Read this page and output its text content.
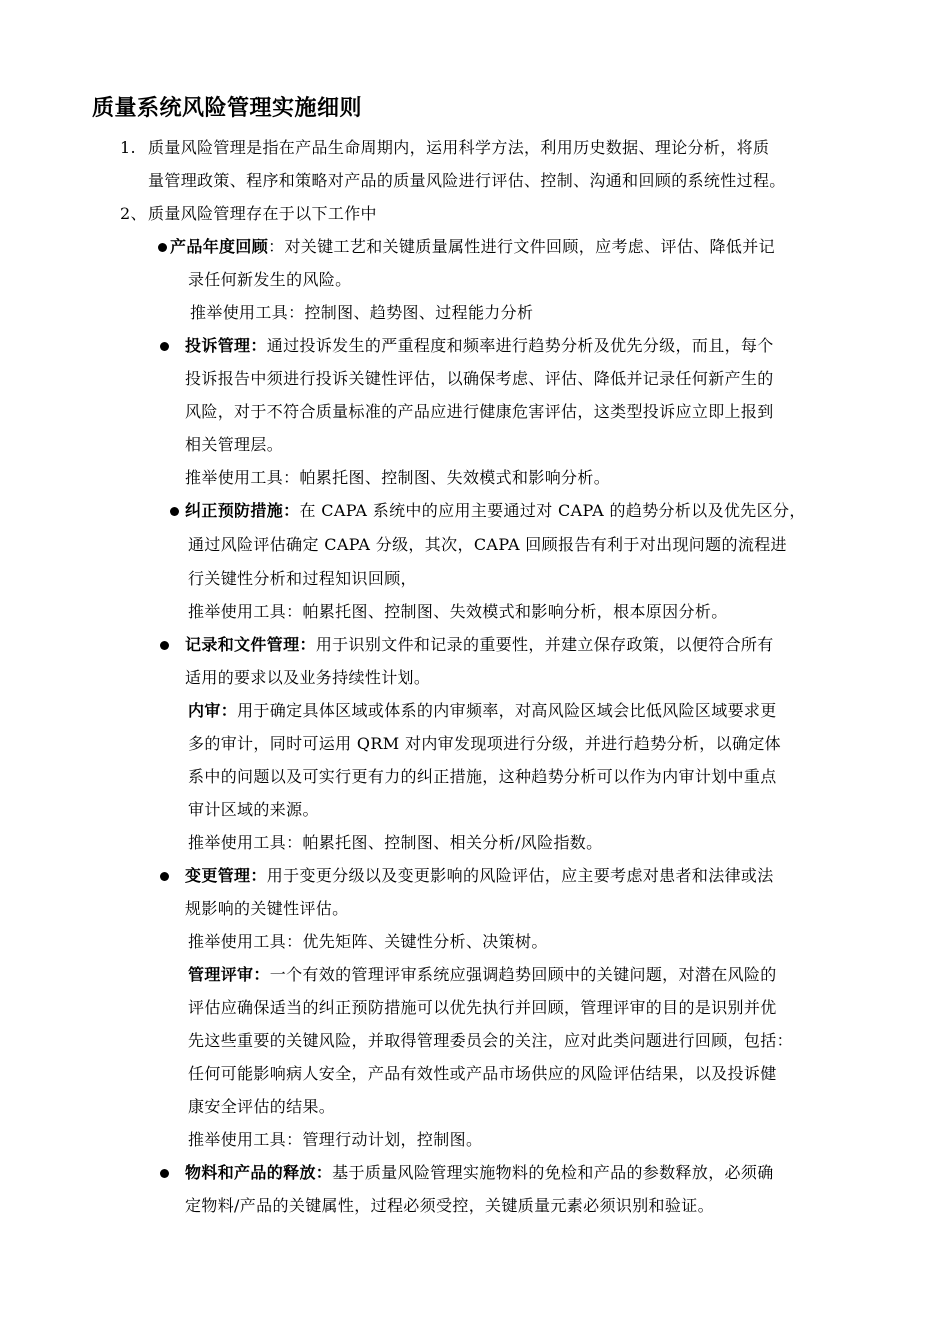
质量系统风险管理实施细则
1. 质量风险管理是指在产品生命周期内，运用科学方法，利用历史数据、理论分析，将质
量管理政策、程序和策略对产品的质量风险进行评估、控制、沟通和回顾的系统性过程。
2、 质量风险管理存在于以下工作中
产品年度回顾：对关键工艺和关键质量属性进行文件回顾，应考虑、评估、降低并记
录任何新发生的风险。
推举使用工具：控制图、趋势图、过程能力分析
投诉管理：通过投诉发生的严重程度和频率进行趋势分析及优先分级，而且，每个
投诉报告中须进行投诉关键性评估，以确保考虑、评估、降低并记录任何新产生的
风险，对于不符合质量标准的产品应进行健康危害评估，这类型投诉应立即上报到
相关管理层。
推举使用工具：帕累托图、控制图、失效模式和影响分析。
纠正预防措施：在 CAPA 系统中的应用主要通过对 CAPA 的趋势分析以及优先区分，
通过风险评估确定 CAPA 分级，其次，CAPA 回顾报告有利于对出现问题的流程进
行关键性分析和过程知识回顾，
推举使用工具：帕累托图、控制图、失效模式和影响分析，根本原因分析。
记录和文件管理：用于识别文件和记录的重要性，并建立保存政策，以便符合所有
适用的要求以及业务持续性计划。
内审：用于确定具体区域或体系的内审频率，对高风险区域会比低风险区域要求更
多的审计，同时可运用 QRM 对内审发现项进行分级，并进行趋势分析，以确定体
系中的问题以及可实行更有力的纠正措施，这种趋势分析可以作为内审计划中重点
审计区域的来源。
推举使用工具：帕累托图、控制图、相关分析/风险指数。
变更管理：用于变更分级以及变更影响的风险评估，应主要考虑对患者和法律或法
规影响的关键性评估。
推举使用工具：优先矩阵、关键性分析、决策树。
管理评审：一个有效的管理评审系统应强调趋势回顾中的关键问题，对潜在风险的
评估应确保适当的纠正预防措施可以优先执行并回顾，管理评审的目的是识别并优
先这些重要的关键风险，并取得管理委员会的关注，应对此类问题进行回顾，包括：
任何可能影响病人安全，产品有效性或产品市场供应的风险评估结果，以及投诉健
康安全评估的结果。
推举使用工具：管理行动计划，控制图。
物料和产品的释放：基于质量风险管理实施物料的免检和产品的参数释放，必须确
定物料/产品的关键属性，过程必须受控，关键质量元素必须识别和验证。
